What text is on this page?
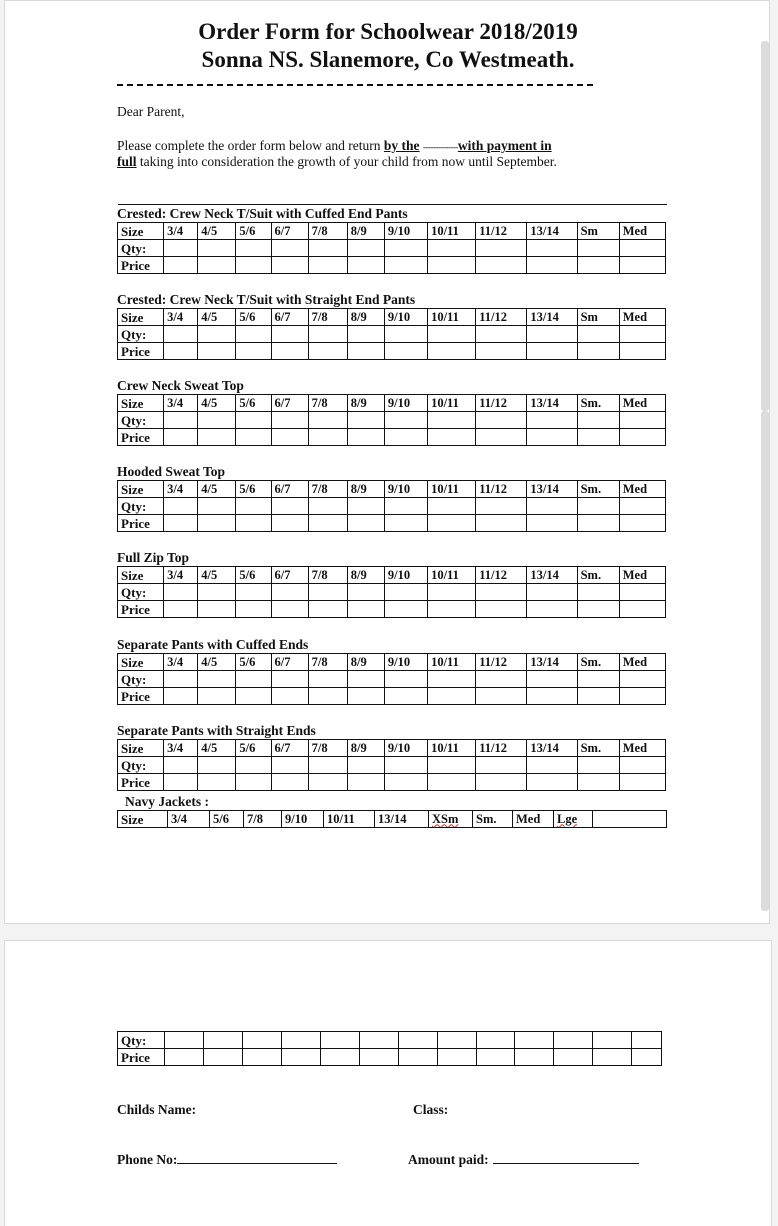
Order Form for Schoolwear 2018/2019
Sonna NS. Slanemore, Co Westmeath.
Dear Parent,
Please complete the order form below and return by the --------------with payment in
full taking into consideration the growth of your child from now until September.
Crested: Crew Neck T/Suit with Cuffed End Pants
Size	3/4	4/5	5/6	6/7	7/8	8/9	9/10	10/11	11/12	13/14	Sm	Med
Qty:												
Price												
Crested: Crew Neck T/Suit with Straight End Pants
Size	3/4	4/5	5/6	6/7	7/8	8/9	9/10	10/11	11/12	13/14	Sm	Med
Qty:												
Price												
Crew Neck Sweat Top
Size	3/4	4/5	5/6	6/7	7/8	8/9	9/10	10/11	11/12	13/14	Sm.	Med
Qty:												
Price												
Hooded Sweat Top
Size	3/4	4/5	5/6	6/7	7/8	8/9	9/10	10/11	11/12	13/14	Sm.	Med
Qty:												
Price												
Full Zip Top
Size	3/4	4/5	5/6	6/7	7/8	8/9	9/10	10/11	11/12	13/14	Sm.	Med
Qty:												
Price												
Separate Pants with Cuffed Ends
Size	3/4	4/5	5/6	6/7	7/8	8/9	9/10	10/11	11/12	13/14	Sm.	Med
Qty:												
Price												
Separate Pants with Straight Ends
Size	3/4	4/5	5/6	6/7	7/8	8/9	9/10	10/11	11/12	13/14	Sm.	Med
Qty:												
Price												
Navy Jackets :
Size	3/4	5/6	7/8	9/10	10/11	13/14	XSm	Sm.	Med	Lge	
Qty:													
Price													
Childs Name:	Class:
Phone No:	Amount paid:
